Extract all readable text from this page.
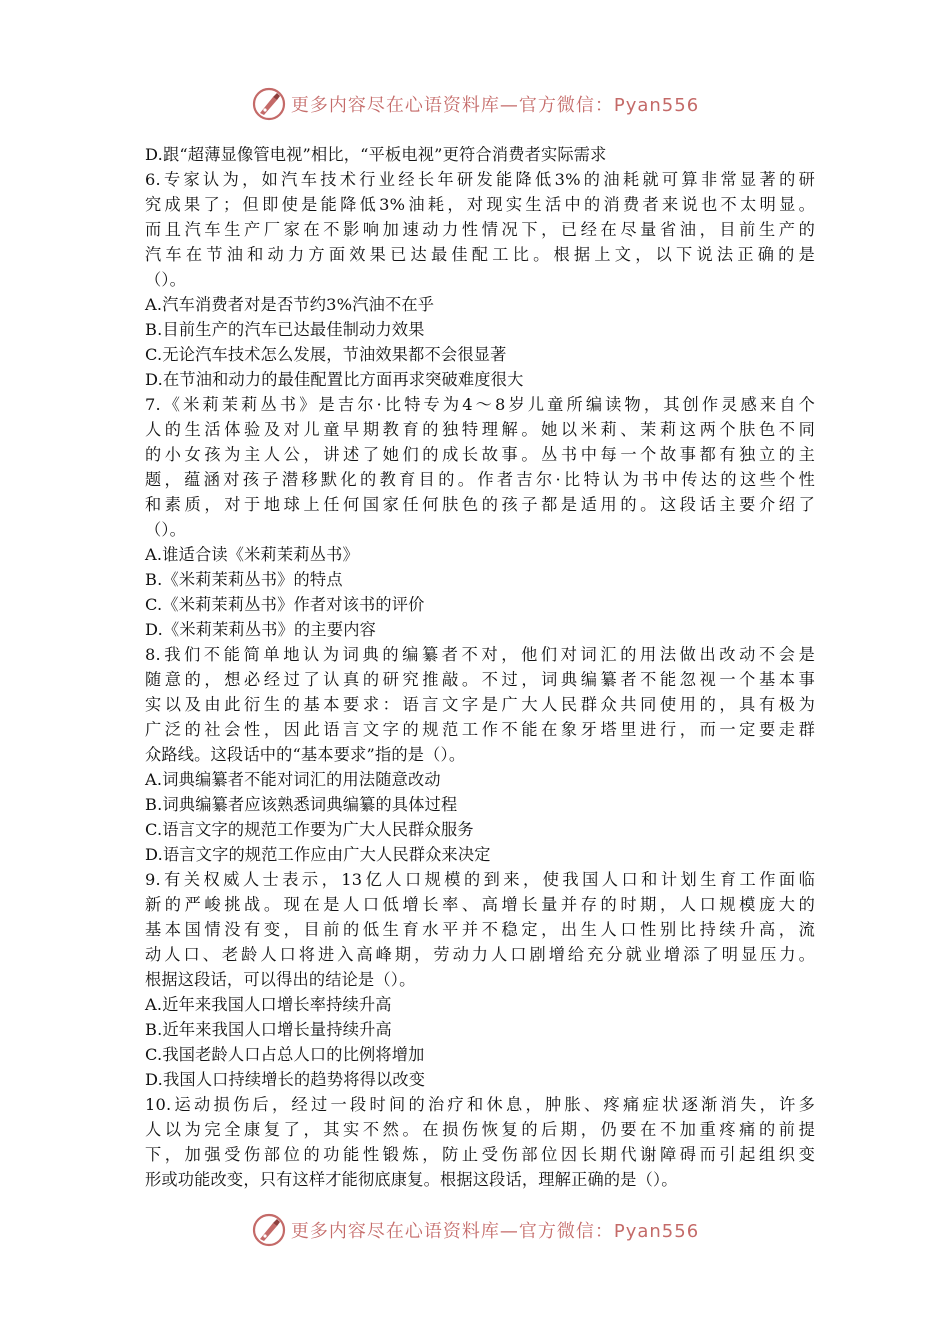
更多内容尽在心语资料库—官方微信：Pyan556
D.跟“超薄显像管电视”相比，“平板电视”更符合消费者实际需求
6.专家认为，如汽车技术行业经长年研发能降低3%的油耗就可算非常显著的研
究成果了；但即使是能降低3%油耗，对现实生活中的消费者来说也不太明显。
而且汽车生产厂家在不影响加速动力性情况下，已经在尽量省油，目前生产的
汽车在节油和动力方面效果已达最佳配工比。根据上文，以下说法正确的是
（）。
A.汽车消费者对是否节约3%汽油不在乎
B.目前生产的汽车已达最佳制动力效果
C.无论汽车技术怎么发展，节油效果都不会很显著
D.在节油和动力的最佳配置比方面再求突破难度很大
7.《米莉茉莉丛书》是吉尔·比特专为4～8岁儿童所编读物，其创作灵感来自个
人的生活体验及对儿童早期教育的独特理解。她以米莉、茉莉这两个肤色不同
的小女孩为主人公，讲述了她们的成长故事。丛书中每一个故事都有独立的主
题，蕴涵对孩子潜移默化的教育目的。作者吉尔·比特认为书中传达的这些个性
和素质，对于地球上任何国家任何肤色的孩子都是适用的。这段话主要介绍了
（）。
A.谁适合读《米莉茉莉丛书》
B.《米莉茉莉丛书》的特点
C.《米莉茉莉丛书》作者对该书的评价
D.《米莉茉莉丛书》的主要内容
8.我们不能简单地认为词典的编纂者不对，他们对词汇的用法做出改动不会是
随意的，想必经过了认真的研究推敲。不过，词典编纂者不能忽视一个基本事
实以及由此衍生的基本要求：语言文字是广大人民群众共同使用的，具有极为
广泛的社会性，因此语言文字的规范工作不能在象牙塔里进行，而一定要走群
众路线。这段话中的“基本要求”指的是（）。
A.词典编纂者不能对词汇的用法随意改动
B.词典编纂者应该熟悉词典编纂的具体过程
C.语言文字的规范工作要为广大人民群众服务
D.语言文字的规范工作应由广大人民群众来决定
9.有关权威人士表示，13亿人口规模的到来，使我国人口和计划生育工作面临
新的严峻挑战。现在是人口低增长率、高增长量并存的时期，人口规模庞大的
基本国情没有变，目前的低生育水平并不稳定，出生人口性别比持续升高，流
动人口、老龄人口将进入高峰期，劳动力人口剧增给充分就业增添了明显压力。
根据这段话，可以得出的结论是（）。
A.近年来我国人口增长率持续升高
B.近年来我国人口增长量持续升高
C.我国老龄人口占总人口的比例将增加
D.我国人口持续增长的趋势将得以改变
10.运动损伤后，经过一段时间的治疗和休息，肿胀、疼痛症状逐渐消失，许多
人以为完全康复了，其实不然。在损伤恢复的后期，仍要在不加重疼痛的前提
下，加强受伤部位的功能性锻炼，防止受伤部位因长期代谢障碍而引起组织变
形或功能改变，只有这样才能彻底康复。根据这段话，理解正确的是（）。
更多内容尽在心语资料库—官方微信：Pyan556
